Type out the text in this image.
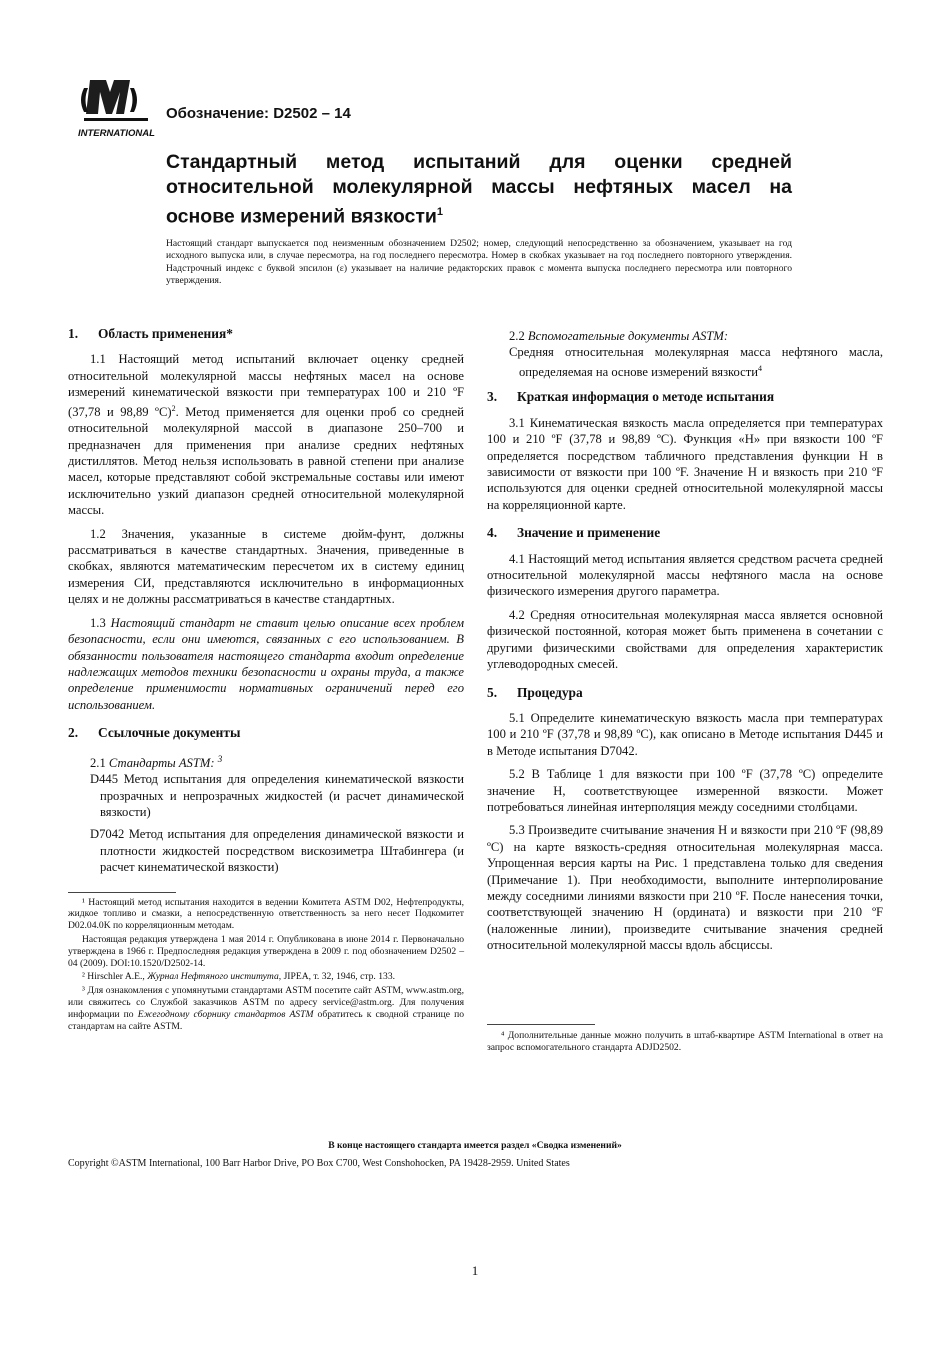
INTERNATIONAL
Обозначение: D2502 – 14
Стандартный метод испытаний для оценки средней относительной молекулярной массы нефтяных масел на основе измерений вязкости$^1$

Настоящий стандарт выпускается под неизменным обозначением D2502; номер, следующий непосредственно за обозначением, указывает на год исходного выпуска или, в случае пересмотра, на год последнего пересмотра. Номер в скобках указывает на год последнего повторного утверждения. Надстрочный индекс с буквой эпсилон (ε) указывает на наличие редакторских правок с момента выпуска последнего пересмотра или повторного утверждения.

1. Область применения*

1.1 Настоящий метод испытаний включает оценку средней относительной молекулярной массы нефтяных масел на основе измерений кинематической вязкости при температурах 100 и 210 ºF (37,78 и 98,89 ºC)$^2$. Метод применяется для оценки проб со средней относительной молекулярной массой в диапазоне 250–700 и предназначен для применения при анализе средних нефтяных дистиллятов. Метод нельзя использовать в равной степени при анализе масел, которые представляют собой экстремальные составы или имеют исключительно узкий диапазон средней относительной молекулярной массы.

1.2 Значения, указанные в системе дюйм-фунт, должны рассматриваться в качестве стандартных. Значения, приведенные в скобках, являются математическим пересчетом их в систему единиц измерения СИ, представляются исключительно в информационных целях и не должны рассматриваться в качестве стандартных.

1.3 Настоящий стандарт не ставит целью описание всех проблем безопасности, если они имеются, связанных с его использованием. В обязанности пользователя настоящего стандарта входит определение надлежащих методов техники безопасности и охраны труда, а также определение применимости нормативных ограничений перед его использованием.

2. Ссылочные документы

2.1 Стандарты ASTM: $^3$

D445 Метод испытания для определения кинематической вязкости прозрачных и непрозрачных жидкостей (и расчет динамической вязкости)

D7042 Метод испытания для определения динамической вязкости и плотности жидкостей посредством вискозиметра Штабингера (и расчет кинематической вязкости)

¹ Настоящий метод испытания находится в ведении Комитета ASTM D02, Нефтепродукты, жидкое топливо и смазки, а непосредственную ответственность за него несет Подкомитет D02.04.0K по корреляционным методам.

Настоящая редакция утверждена 1 мая 2014 г. Опубликована в июне 2014 г. Первоначально утверждена в 1966 г. Предпоследняя редакция утверждена в 2009 г. под обозначением D2502 – 04 (2009). DOI:10.1520/D2502-14.

² Hirschler A.E., Журнал Нефтяного института, JIPEA, т. 32, 1946, стр. 133.

³ Для ознакомления с упомянутыми стандартами ASTM посетите сайт ASTM, www.astm.org, или свяжитесь со Службой заказчиков ASTM по адресу service@astm.org. Для получения информации по Ежегодному сборнику стандартов ASTM обратитесь к сводной странице по стандартам на сайте ASTM.

2.2 Вспомогательные документы ASTM:

Средняя относительная молекулярная масса нефтяного масла, определяемая на основе измерений вязкости$^4$

3. Краткая информация о методе испытания

3.1 Кинематическая вязкость масла определяется при температурах 100 и 210 ºF (37,78 и 98,89 ºC). Функция «H» при вязкости 100 ºF определяется посредством табличного представления функции H в зависимости от вязкости при 100 ºF. Значение H и вязкость при 210 ºF используются для оценки средней относительной молекулярной массы на корреляционной карте.

4. Значение и применение

4.1 Настоящий метод испытания является средством расчета средней относительной молекулярной массы нефтяного масла на основе физического измерения другого параметра.

4.2 Средняя относительная молекулярная масса является основной физической постоянной, которая может быть применена в сочетании с другими физическими свойствами для определения характеристик углеводородных смесей.

5. Процедура

5.1 Определите кинематическую вязкость масла при температурах 100 и 210 ºF (37,78 и 98,89 ºC), как описано в Методе испытания D445 и в Методе испытания D7042.

5.2 В Таблице 1 для вязкости при 100 ºF (37,78 ºC) определите значение H, соответствующее измеренной вязкости. Может потребоваться линейная интерполяция между соседними столбцами.

5.3 Произведите считывание значения H и вязкости при 210 ºF (98,89 ºC) на карте вязкость-средняя относительная молекулярная масса. Упрощенная версия карты на Рис. 1 представлена только для сведения (Примечание 1). При необходимости, выполните интерполирование между соседними линиями вязкости при 210 ºF. После нанесения точки, соответствующей значению H (ордината) и вязкости при 210 ºF (наложенные линии), произведите считывание значения средней относительной молекулярной массы вдоль абсциссы.

⁴ Дополнительные данные можно получить в штаб-квартире ASTM International в ответ на запрос вспомогательного стандарта ADJD2502.

В конце настоящего стандарта имеется раздел «Сводка изменений»

Copyright ©ASTM International, 100 Barr Harbor Drive, PO Box C700, West Conshohocken, PA 19428-2959. United States

1
